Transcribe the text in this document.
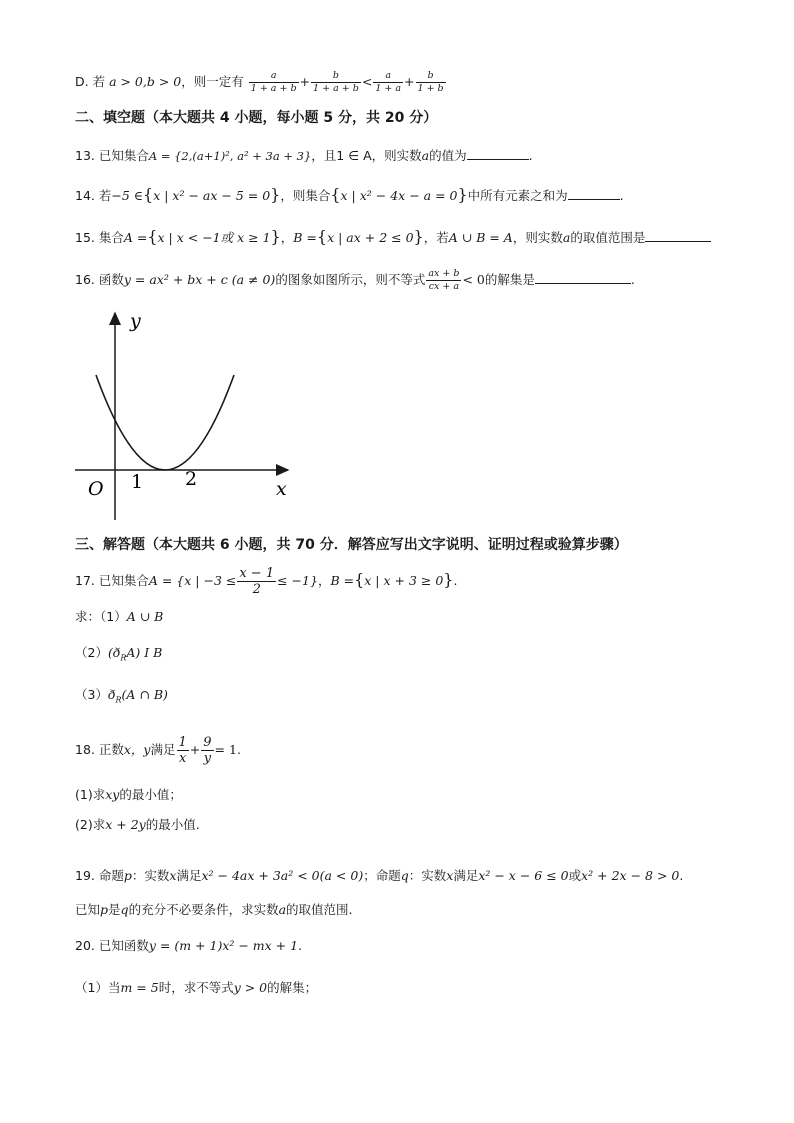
D. 若 a > 0,b > 0，则一定有 $\frac{a}{1 + a + b} + \frac{b}{1 + a + b} < \frac{a}{1 + a} + \frac{b}{1 + b}$
二、填空题（本大题共 4 小题，每小题 5 分，共 20 分）
13. 已知集合A = {2,(a+1)², a² + 3a + 3}，且1 ∈ A，则实数a的值为	.
14. 若−5 ∈{x | x² − ax − 5 = 0}，则集合{x | x² − 4x − a = 0}中所有元素之和为	.
15. 集合A ={x | x < −1或 x ≥ 1}，B ={x | ax + 2 ≤ 0}，若A ∪ B = A，则实数a的取值范围是
16. 函数y = ax² + bx + c (a ≠ 0)的图象如图所示，则不等式 $\frac{ax + b}{cx + a} < 0$的解集是	.
y
x
O 1 2
三、解答题（本大题共 6 小题，共 70 分．解答应写出文字说明、证明过程或验算步骤）
17. 已知集合A = {x | $-3 \le \frac{x - 1}{2} \le -1$}，B ={x | x + 3 ≥ 0}.
求：（1）A ∪ B
$(2)(ð_RA)$ I B
$(3)ð_R(A$ ∩ B)
18. 正数x，y满足 $\frac{1}{x} + \frac{9}{y} = 1$.
(1)求xy的最小值；
(2)求x + 2y的最小值.
19. 命题p：实数x满足x² − 4ax + 3a² < 0(a < 0)；命题q：实数x满足x² − x − 6 ≤ 0或x² + 2x − 8 > 0.
已知p是q的充分不必要条件，求实数a的取值范围.
20. 已知函数y = (m + 1)x² − mx + 1.
（1）当m = 5时，求不等式y > 0的解集；
